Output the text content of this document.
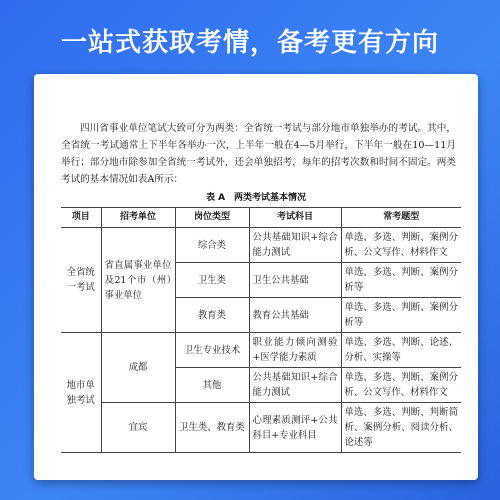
一站式获取考情，备考更有方向

四川省事业单位笔试大致可分为两类：全省统一考试与部分地市单独举办的考试。其中，全省统一考试通常上下半年各举办一次，上半年一般在4—5月举行，下半年一般在10—11月举行；部分地市除参加全省统一考试外，还会单独招考，每年的招考次数和时间不固定。两类考试的基本情况如表A所示：

表 A　两类考试基本情况
项目	招考单位	岗位类型	考试科目	常考题型
全省统一考试	省直属事业单位及21个市（州）事业单位	综合类	公共基础知识+综合能力测试	单选、多选、判断、案例分析、公文写作、材料作文
		卫生类	卫生公共基础	单选、多选、判断、案例分析等
		教育类	教育公共基础	单选、多选、判断、案例分析等
地市单独考试	成都	卫生专业技术	职业能力倾向测验+医学能力素质	单选、多选、判断、论述、分析、实操等
		其他	公共基础知识+综合能力测试	单选、多选、判断、案例分析、公文写作、材料作文
	宜宾	卫生类、教育类	心理素质测评+公共科目+专业科目	单选、多选、判断、判断简析、案例分析、阅读分析、论述等
